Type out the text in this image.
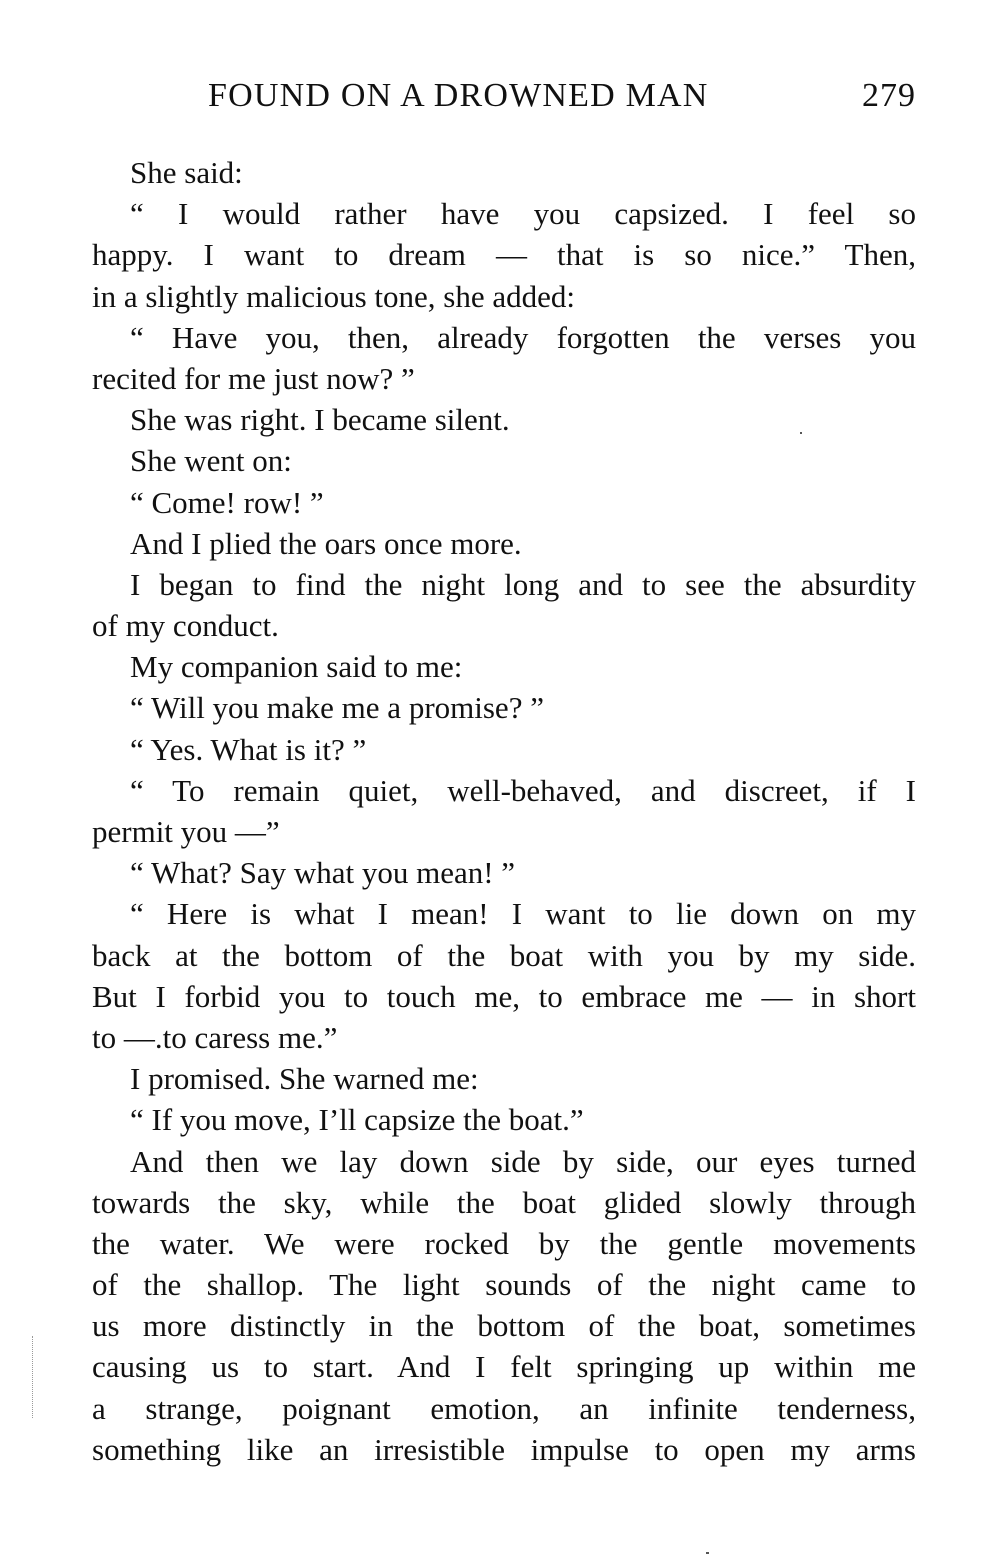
FOUND ON A DROWNED MAN	279
She said:
“ I would rather have you capsized. I feel so
happy. I want to dream — that is so nice.” Then,
in a slightly malicious tone, she added:
“ Have you, then, already forgotten the verses you
recited for me just now? ”
She was right. I became silent.
She went on:
“ Come! row! ”
And I plied the oars once more.
I began to find the night long and to see the absurdity
of my conduct.
My companion said to me:
“ Will you make me a promise? ”
“ Yes. What is it? ”
“ To remain quiet, well-behaved, and discreet, if I
permit you —”
“ What? Say what you mean! ”
“ Here is what I mean! I want to lie down on my
back at the bottom of the boat with you by my side.
But I forbid you to touch me, to embrace me — in short
to —.to caress me.”
I promised. She warned me:
“ If you move, I’ll capsize the boat.”
And then we lay down side by side, our eyes turned
towards the sky, while the boat glided slowly through
the water. We were rocked by the gentle movements
of the shallop. The light sounds of the night came to
us more distinctly in the bottom of the boat, sometimes
causing us to start. And I felt springing up within me
a strange, poignant emotion, an infinite tenderness,
something like an irresistible impulse to open my arms
